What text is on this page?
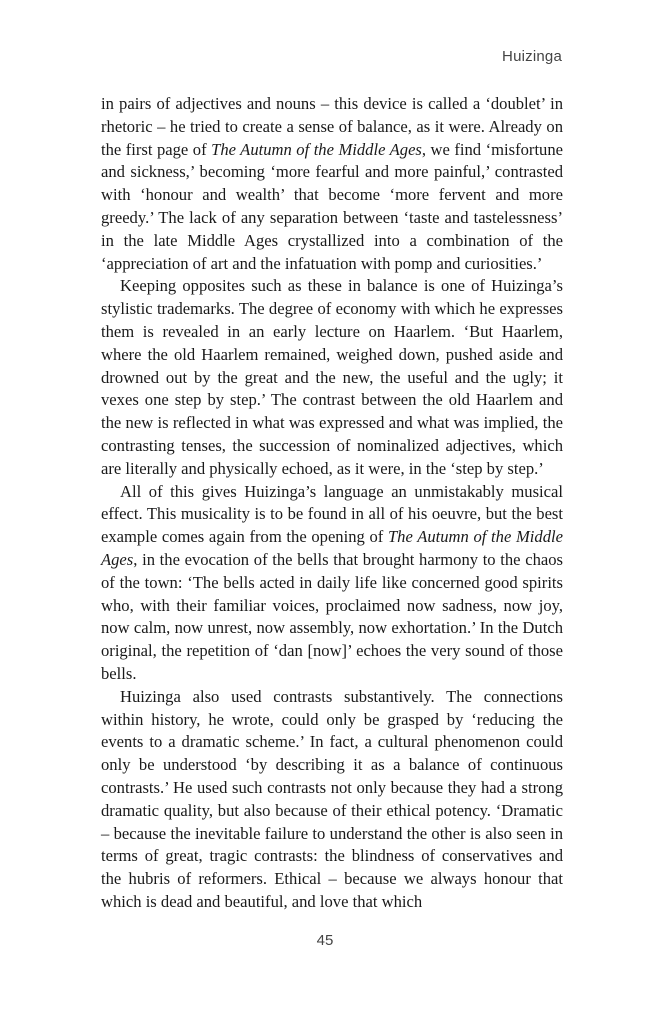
Huizinga

in pairs of adjectives and nouns – this device is called a ‘doublet’ in rhetoric – he tried to create a sense of balance, as it were. Already on the first page of The Autumn of the Middle Ages, we find ‘misfortune and sickness,’ becoming ‘more fearful and more painful,’ contrasted with ‘honour and wealth’ that become ‘more fervent and more greedy.’ The lack of any separation between ‘taste and tastelessness’ in the late Middle Ages crystallized into a combination of the ‘appreciation of art and the infatuation with pomp and curiosities.’

Keeping opposites such as these in balance is one of Huizinga’s stylistic trademarks. The degree of economy with which he expresses them is revealed in an early lecture on Haarlem. ‘But Haarlem, where the old Haarlem remained, weighed down, pushed aside and drowned out by the great and the new, the useful and the ugly; it vexes one step by step.’ The contrast between the old Haarlem and the new is reflected in what was expressed and what was implied, the contrasting tenses, the succession of nominalized adjectives, which are literally and physically echoed, as it were, in the ‘step by step.’

All of this gives Huizinga’s language an unmistakably musical effect. This musicality is to be found in all of his oeuvre, but the best example comes again from the opening of The Autumn of the Middle Ages, in the evocation of the bells that brought harmony to the chaos of the town: ‘The bells acted in daily life like concerned good spirits who, with their familiar voices, proclaimed now sadness, now joy, now calm, now unrest, now assembly, now exhortation.’ In the Dutch original, the repetition of ‘dan [now]’ echoes the very sound of those bells.

Huizinga also used contrasts substantively. The connections within history, he wrote, could only be grasped by ‘reducing the events to a dramatic scheme.’ In fact, a cultural phenomenon could only be understood ‘by describing it as a balance of continuous contrasts.’ He used such contrasts not only because they had a strong dramatic quality, but also because of their ethical potency. ‘Dramatic – because the inevitable failure to understand the other is also seen in terms of great, tragic contrasts: the blindness of conservatives and the hubris of reformers. Ethical – because we always honour that which is dead and beautiful, and love that which

45
